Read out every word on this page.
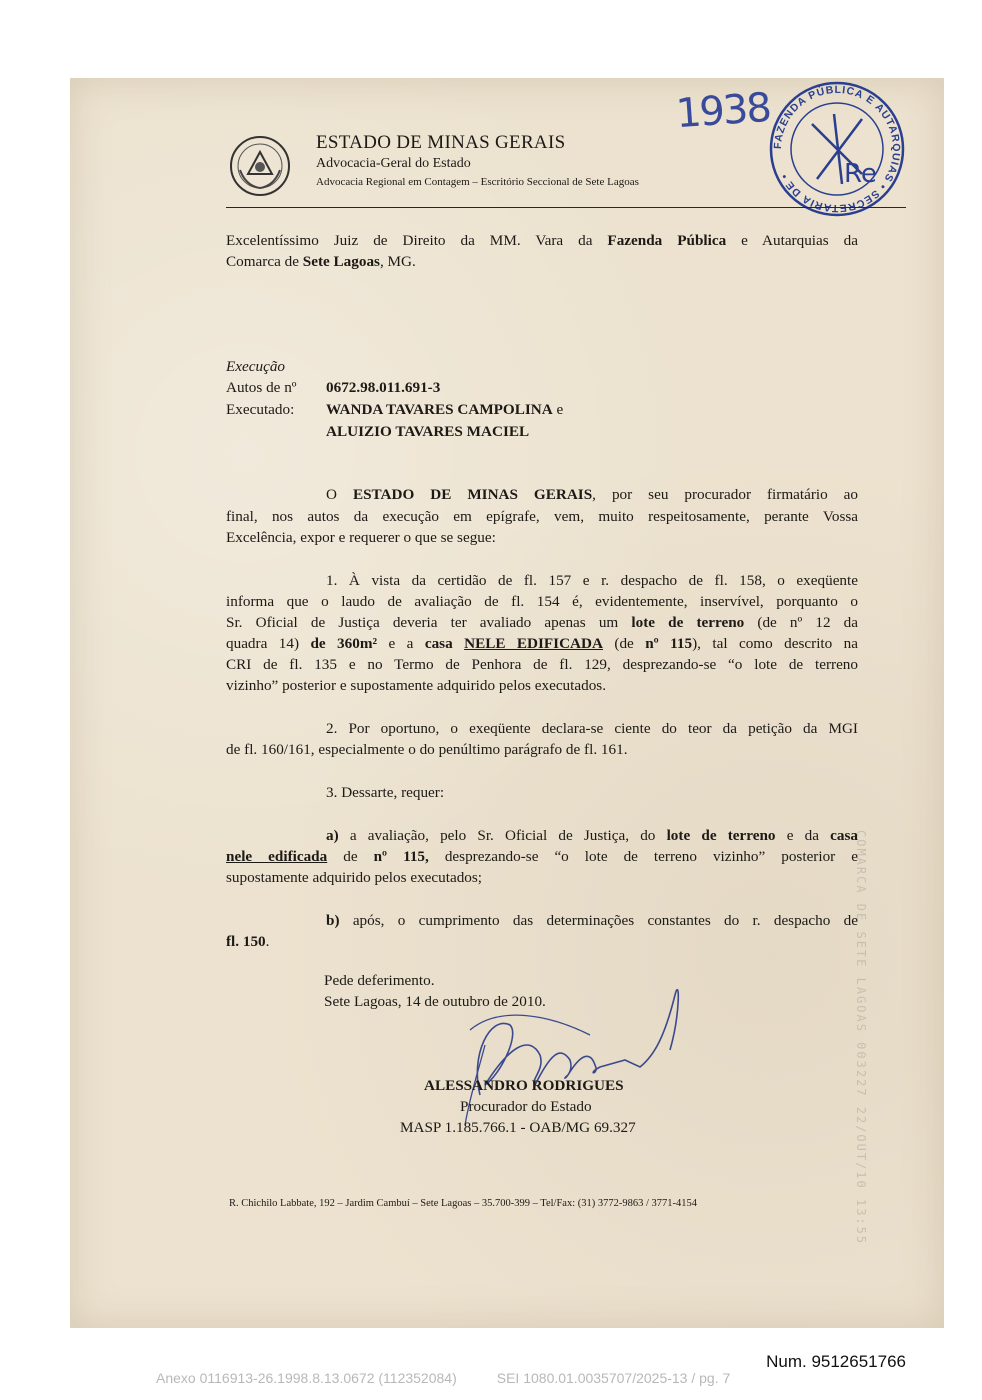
ESTADO DE MINAS GERAIS
Advocacia-Geral do Estado
Advocacia Regional em Contagem – Escritório Seccional de Sete Lagoas
1938
FAZENDA PÚBLICA E AUTARQUIAS • SECRETARIA DE •	Re
Excelentíssimo Juiz de Direito da MM. Vara da Fazenda Pública e Autarquias da
Comarca de Sete Lagoas, MG.
Execução
Autos de nº 0672.98.011.691-3
Executado: WANDA TAVARES CAMPOLINA e
ALUIZIO TAVARES MACIEL
O ESTADO DE MINAS GERAIS, por seu procurador firmatário ao
final, nos autos da execução em epígrafe, vem, muito respeitosamente, perante Vossa
Excelência, expor e requerer o que se segue:
1. À vista da certidão de fl. 157 e r. despacho de fl. 158, o exeqüente
informa que o laudo de avaliação de fl. 154 é, evidentemente, inservível, porquanto o
Sr. Oficial de Justiça deveria ter avaliado apenas um lote de terreno (de nº 12 da
quadra 14) de 360m² e a casa NELE EDIFICADA (de nº 115), tal como descrito na
CRI de fl. 135 e no Termo de Penhora de fl. 129, desprezando-se “o lote de terreno
vizinho” posterior e supostamente adquirido pelos executados.
2. Por oportuno, o exeqüente declara-se ciente do teor da petição da MGI
de fl. 160/161, especialmente o do penúltimo parágrafo de fl. 161.
3. Dessarte, requer:
a) a avaliação, pelo Sr. Oficial de Justiça, do lote de terreno e da casa
nele edificada de nº 115, desprezando-se “o lote de terreno vizinho” posterior e
supostamente adquirido pelos executados;
b) após, o cumprimento das determinações constantes do r. despacho de
fl. 150.
Pede deferimento.
Sete Lagoas, 14 de outubro de 2010.
ALESSANDRO RODRIGUES
Procurador do Estado
MASP 1.185.766.1 - OAB/MG 69.327	COMARCA DE SETE LAGOAS 003227 22/OUT/10 13:55
R. Chichilo Labbate, 192 – Jardim Cambuí – Sete Lagoas – 35.700-399 – Tel/Fax: (31) 3772-9863 / 3771-4154
Num. 9512651766
Anexo 0116913-26.1998.8.13.0672 (112352084)	SEI 1080.01.0035707/2025-13 / pg. 7
